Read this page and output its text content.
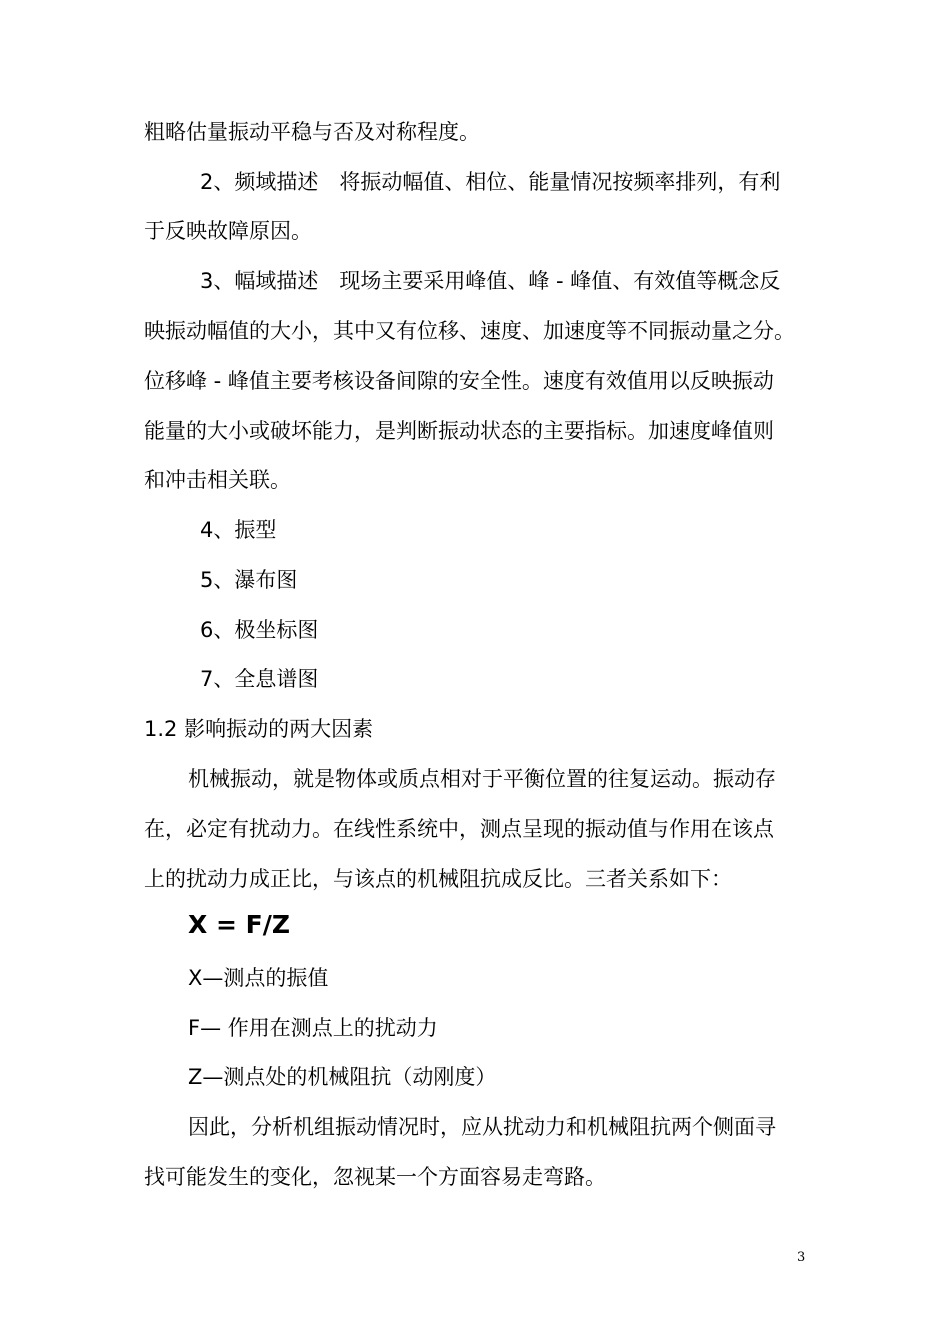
粗略估量振动平稳与否及对称程度。
2、频域描述　将振动幅值、相位、能量情况按频率排列，有利
于反映故障原因。
3、幅域描述　现场主要采用峰值、峰 - 峰值、有效值等概念反
映振动幅值的大小，其中又有位移、速度、加速度等不同振动量之分。
位移峰 - 峰值主要考核设备间隙的安全性。速度有效值用以反映振动
能量的大小或破坏能力，是判断振动状态的主要指标。加速度峰值则
和冲击相关联。
4、振型
5、瀑布图
6、极坐标图
7、全息谱图
1.2 影响振动的两大因素
机械振动，就是物体或质点相对于平衡位置的往复运动。振动存
在，必定有扰动力。在线性系统中，测点呈现的振动值与作用在该点
上的扰动力成正比，与该点的机械阻抗成反比。三者关系如下：
X = F/Z
X—测点的振值
F— 作用在测点上的扰动力
Z—测点处的机械阻抗（动刚度）
因此，分析机组振动情况时，应从扰动力和机械阻抗两个侧面寻
找可能发生的变化，忽视某一个方面容易走弯路。
3
